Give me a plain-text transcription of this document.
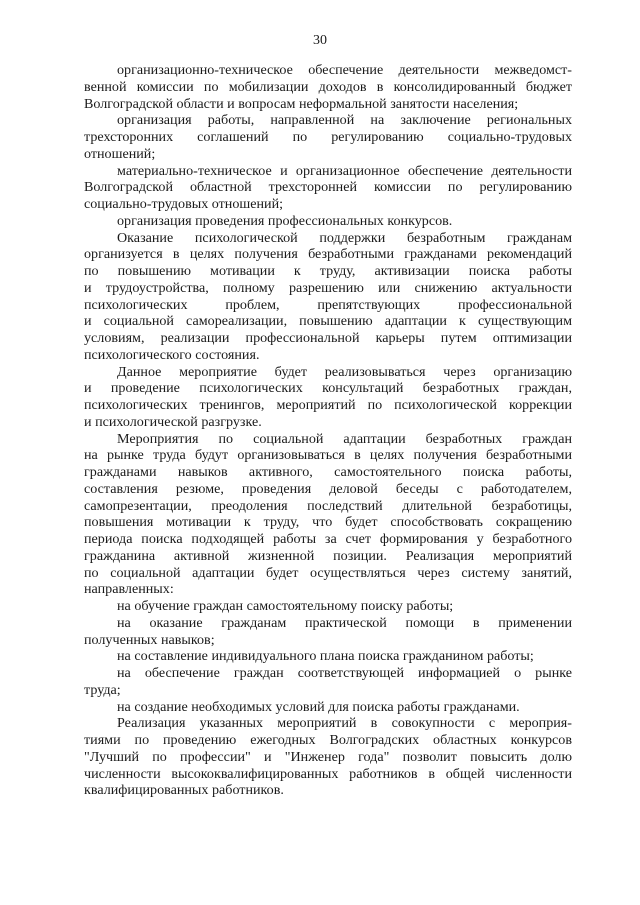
30
организационно-техническое обеспечение деятельности межведомст-
венной комиссии по мобилизации доходов в консолидированный бюджет
Волгоградской области и вопросам неформальной занятости населения;
организация работы, направленной на заключение региональных
трехсторонних соглашений по регулированию социально-трудовых
отношений;
материально-техническое и организационное обеспечение деятельности
Волгоградской областной трехсторонней комиссии по регулированию
социально-трудовых отношений;
организация проведения профессиональных конкурсов.
Оказание психологической поддержки безработным гражданам
организуется в целях получения безработными гражданами рекомендаций
по повышению мотивации к труду, активизации поиска работы
и трудоустройства, полному разрешению или снижению актуальности
психологических проблем, препятствующих профессиональной
и социальной самореализации, повышению адаптации к существующим
условиям, реализации профессиональной карьеры путем оптимизации
психологического состояния.
Данное мероприятие будет реализовываться через организацию
и проведение психологических консультаций безработных граждан,
психологических тренингов, мероприятий по психологической коррекции
и психологической разгрузке.
Мероприятия по социальной адаптации безработных граждан
на рынке труда будут организовываться в целях получения безработными
гражданами навыков активного, самостоятельного поиска работы,
составления резюме, проведения деловой беседы с работодателем,
самопрезентации, преодоления последствий длительной безработицы,
повышения мотивации к труду, что будет способствовать сокращению
периода поиска подходящей работы за счет формирования у безработного
гражданина активной жизненной позиции. Реализация мероприятий
по социальной адаптации будет осуществляться через систему занятий,
направленных:
на обучение граждан самостоятельному поиску работы;
на оказание гражданам практической помощи в применении
полученных навыков;
на составление индивидуального плана поиска гражданином работы;
на обеспечение граждан соответствующей информацией о рынке
труда;
на создание необходимых условий для поиска работы гражданами.
Реализация указанных мероприятий в совокупности с мероприя-
тиями по проведению ежегодных Волгоградских областных конкурсов
"Лучший по профессии" и "Инженер года" позволит повысить долю
численности высококвалифицированных работников в общей численности
квалифицированных работников.
